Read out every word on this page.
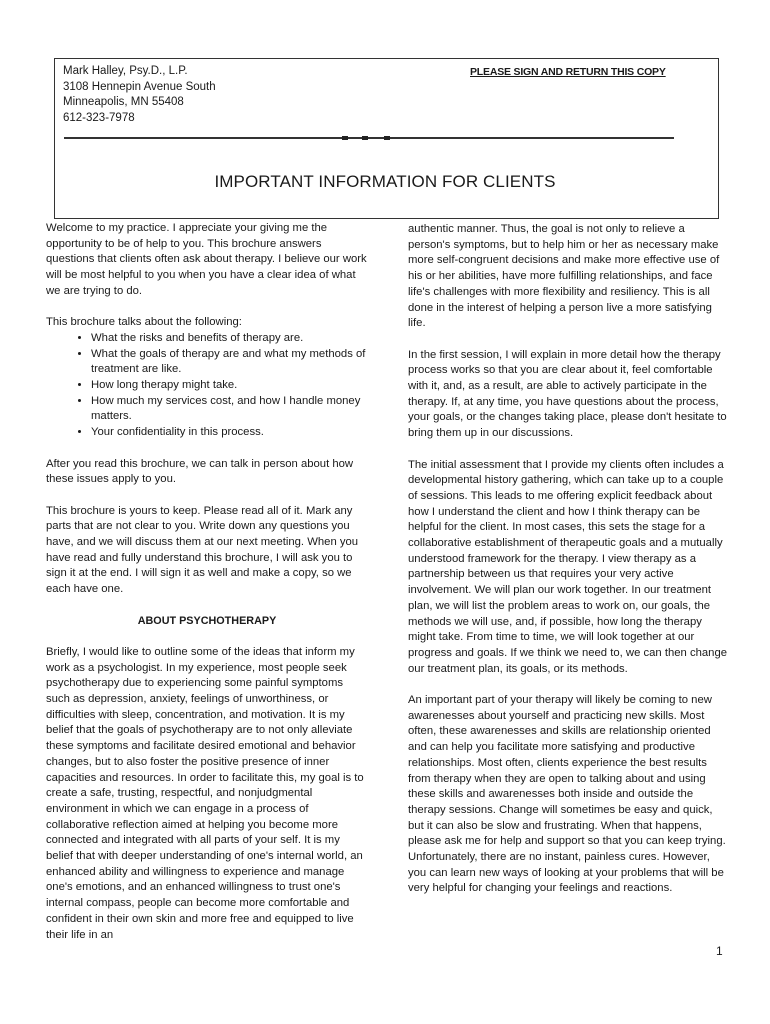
Mark Halley, Psy.D., L.P.
3108 Hennepin Avenue South
Minneapolis, MN 55408
612-323-7978
PLEASE SIGN AND RETURN THIS COPY
IMPORTANT INFORMATION FOR CLIENTS

Welcome to my practice. I appreciate your giving me the opportunity to be of help to you. This brochure answers questions that clients often ask about therapy. I believe our work will be most helpful to you when you have a clear idea of what we are trying to do.

This brochure talks about the following:
• What the risks and benefits of therapy are.
• What the goals of therapy are and what my methods of treatment are like.
• How long therapy might take.
• How much my services cost, and how I handle money matters.
• Your confidentiality in this process.

After you read this brochure, we can talk in person about how these issues apply to you.

This brochure is yours to keep. Please read all of it. Mark any parts that are not clear to you. Write down any questions you have, and we will discuss them at our next meeting. When you have read and fully understand this brochure, I will ask you to sign it at the end. I will sign it as well and make a copy, so we each have one.

ABOUT PSYCHOTHERAPY

Briefly, I would like to outline some of the ideas that inform my work as a psychologist. In my experience, most people seek psychotherapy due to experiencing some painful symptoms such as depression, anxiety, feelings of unworthiness, or difficulties with sleep, concentration, and motivation. It is my belief that the goals of psychotherapy are to not only alleviate these symptoms and facilitate desired emotional and behavior changes, but to also foster the positive presence of inner capacities and resources. In order to facilitate this, my goal is to create a safe, trusting, respectful, and nonjudgmental environment in which we can engage in a process of collaborative reflection aimed at helping you become more connected and integrated with all parts of your self. It is my belief that with deeper understanding of one's internal world, an enhanced ability and willingness to experience and manage one's emotions, and an enhanced willingness to trust one's internal compass, people can become more comfortable and confident in their own skin and more free and equipped to live their life in an

authentic manner. Thus, the goal is not only to relieve a person's symptoms, but to help him or her as necessary make more self-congruent decisions and make more effective use of his or her abilities, have more fulfilling relationships, and face life's challenges with more flexibility and resiliency. This is all done in the interest of helping a person live a more satisfying life.

In the first session, I will explain in more detail how the therapy process works so that you are clear about it, feel comfortable with it, and, as a result, are able to actively participate in the therapy. If, at any time, you have questions about the process, your goals, or the changes taking place, please don't hesitate to bring them up in our discussions.

The initial assessment that I provide my clients often includes a developmental history gathering, which can take up to a couple of sessions. This leads to me offering explicit feedback about how I understand the client and how I think therapy can be helpful for the client. In most cases, this sets the stage for a collaborative establishment of therapeutic goals and a mutually understood framework for the therapy. I view therapy as a partnership between us that requires your very active involvement. We will plan our work together. In our treatment plan, we will list the problem areas to work on, our goals, the methods we will use, and, if possible, how long the therapy might take. From time to time, we will look together at our progress and goals. If we think we need to, we can then change our treatment plan, its goals, or its methods.

An important part of your therapy will likely be coming to new awarenesses about yourself and practicing new skills. Most often, these awarenesses and skills are relationship oriented and can help you facilitate more satisfying and productive relationships. Most often, clients experience the best results from therapy when they are open to talking about and using these skills and awarenesses both inside and outside the therapy sessions. Change will sometimes be easy and quick, but it can also be slow and frustrating. When that happens, please ask me for help and support so that you can keep trying. Unfortunately, there are no instant, painless cures. However, you can learn new ways of looking at your problems that will be very helpful for changing your feelings and reactions.

1
